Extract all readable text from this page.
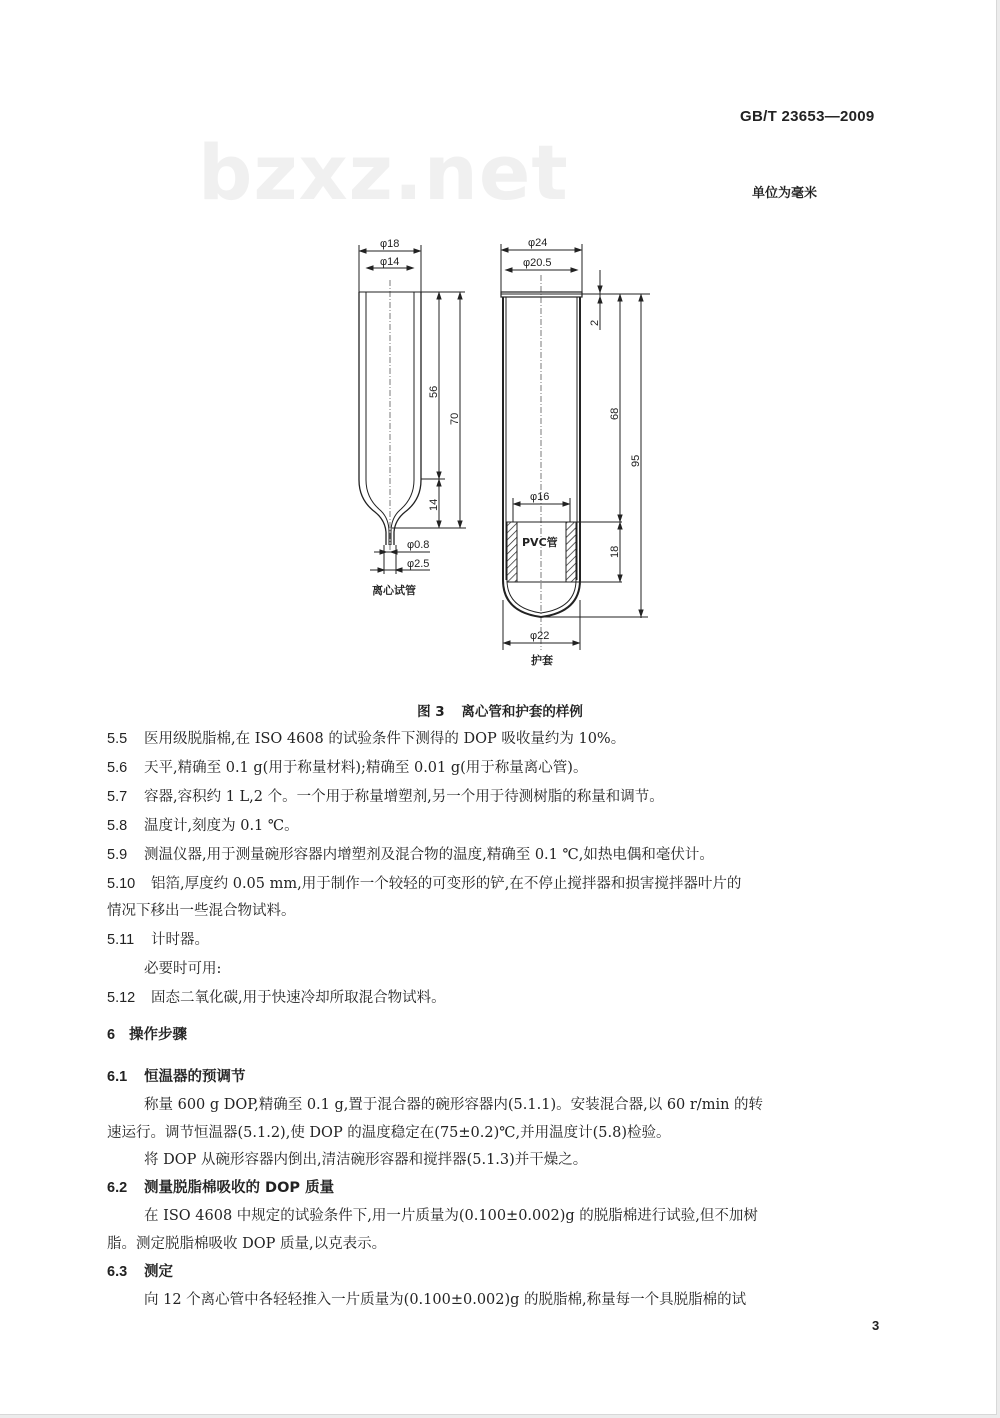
GB/T 23653—2009
bzxz.net	单位为毫米
56
70
14
2
68
18
95
φ18
φ14
φ0.8
φ2.5
离心试管
φ24
φ20.5
φ16
PVC管
φ22
护套
图 3 离心管和护套的样例
5.5 医用级脱脂棉,在 ISO 4608 的试验条件下测得的 DOP 吸收量约为 10%。
5.6 天平,精确至 0.1 g(用于称量材料);精确至 0.01 g(用于称量离心管)。
5.7 容器,容积约 1 L,2 个。一个用于称量增塑剂,另一个用于待测树脂的称量和调节。
5.8 温度计,刻度为 0.1 ℃。
5.9 测温仪器,用于测量碗形容器内增塑剂及混合物的温度,精确至 0.1 ℃,如热电偶和毫伏计。
5.10 铝箔,厚度约 0.05 mm,用于制作一个较轻的可变形的铲,在不停止搅拌器和损害搅拌器叶片的
情况下移出一些混合物试料。
5.11 计时器。
必要时可用:
5.12 固态二氧化碳,用于快速冷却所取混合物试料。
6 操作步骤
6.1 恒温器的预调节
称量 600 g DOP,精确至 0.1 g,置于混合器的碗形容器内(5.1.1)。安装混合器,以 60 r/min 的转
速运行。调节恒温器(5.1.2),使 DOP 的温度稳定在(75±0.2)℃,并用温度计(5.8)检验。
将 DOP 从碗形容器内倒出,清洁碗形容器和搅拌器(5.1.3)并干燥之。
6.2 测量脱脂棉吸收的 DOP 质量
在 ISO 4608 中规定的试验条件下,用一片质量为(0.100±0.002)g 的脱脂棉进行试验,但不加树
脂。测定脱脂棉吸收 DOP 质量,以克表示。
6.3 测定
向 12 个离心管中各轻轻推入一片质量为(0.100±0.002)g 的脱脂棉,称量每一个具脱脂棉的试
3
